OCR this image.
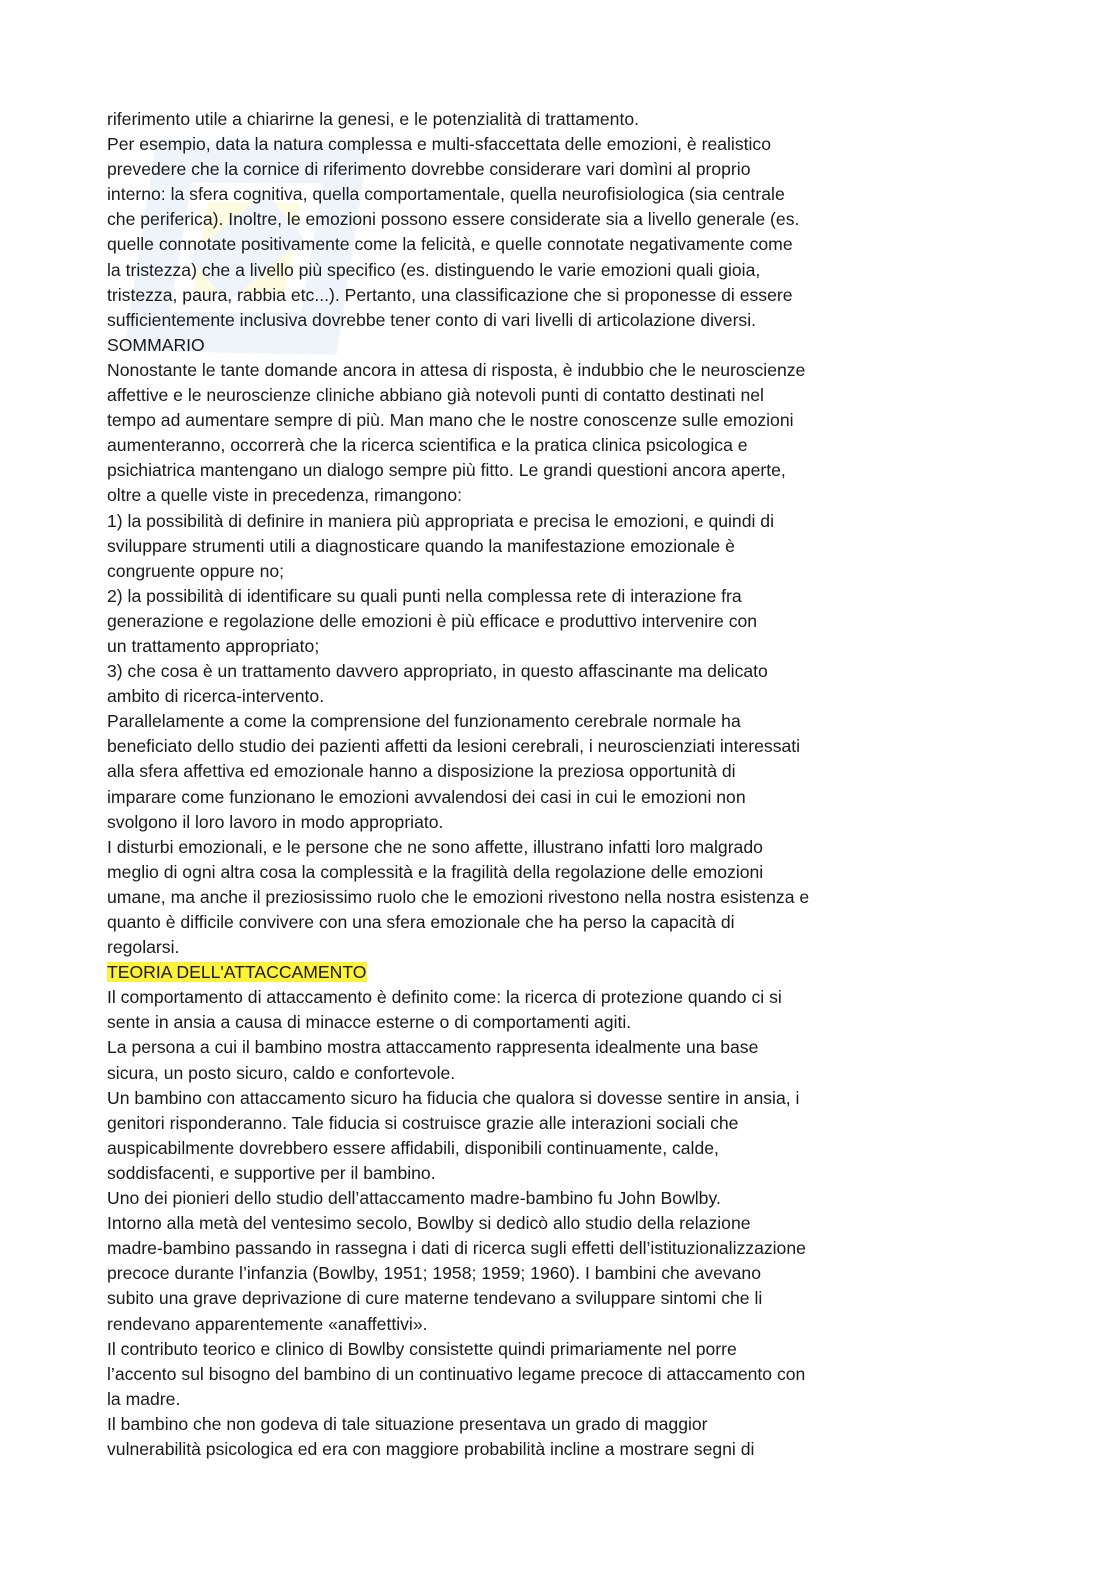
riferimento utile a chiarirne la genesi, e le potenzialità di trattamento.
Per esempio, data la natura complessa e multi-sfaccettata delle emozioni, è realistico
prevedere che la cornice di riferimento dovrebbe considerare vari domìni al proprio
interno: la sfera cognitiva, quella comportamentale, quella neurofisiologica (sia centrale
che periferica). Inoltre, le emozioni possono essere considerate sia a livello generale (es.
quelle connotate positivamente come la felicità, e quelle connotate negativamente come
la tristezza) che a livello più specifico (es. distinguendo le varie emozioni quali gioia,
tristezza, paura, rabbia etc...). Pertanto, una classificazione che si proponesse di essere
sufficientemente inclusiva dovrebbe tener conto di vari livelli di articolazione diversi.
SOMMARIO
Nonostante le tante domande ancora in attesa di risposta, è indubbio che le neuroscienze
affettive e le neuroscienze cliniche abbiano già notevoli punti di contatto destinati nel
tempo ad aumentare sempre di più. Man mano che le nostre conoscenze sulle emozioni
aumenteranno, occorrerà che la ricerca scientifica e la pratica clinica psicologica e
psichiatrica mantengano un dialogo sempre più fitto. Le grandi questioni ancora aperte,
oltre a quelle viste in precedenza, rimangono:
1) la possibilità di definire in maniera più appropriata e precisa le emozioni, e quindi di
sviluppare strumenti utili a diagnosticare quando la manifestazione emozionale è
congruente oppure no;
2) la possibilità di identificare su quali punti nella complessa rete di interazione fra
generazione e regolazione delle emozioni è più efficace e produttivo intervenire con
un trattamento appropriato;
3) che cosa è un trattamento davvero appropriato, in questo affascinante ma delicato
ambito di ricerca-intervento.
Parallelamente a come la comprensione del funzionamento cerebrale normale ha
beneficiato dello studio dei pazienti affetti da lesioni cerebrali, i neuroscienziati interessati
alla sfera affettiva ed emozionale hanno a disposizione la preziosa opportunità di
imparare come funzionano le emozioni avvalendosi dei casi in cui le emozioni non
svolgono il loro lavoro in modo appropriato.
I disturbi emozionali, e le persone che ne sono affette, illustrano infatti loro malgrado
meglio di ogni altra cosa la complessità e la fragilità della regolazione delle emozioni
umane, ma anche il preziosissimo ruolo che le emozioni rivestono nella nostra esistenza e
quanto è difficile convivere con una sfera emozionale che ha perso la capacità di
regolarsi.
TEORIA DELL'ATTACCAMENTO
Il comportamento di attaccamento è definito come: la ricerca di protezione quando ci si
sente in ansia a causa di minacce esterne o di comportamenti agiti.
La persona a cui il bambino mostra attaccamento rappresenta idealmente una base
sicura, un posto sicuro, caldo e confortevole.
Un bambino con attaccamento sicuro ha fiducia che qualora si dovesse sentire in ansia, i
genitori risponderanno. Tale fiducia si costruisce grazie alle interazioni sociali che
auspicabilmente dovrebbero essere affidabili, disponibili continuamente, calde,
soddisfacenti, e supportive per il bambino.
Uno dei pionieri dello studio dell’attaccamento madre-bambino fu John Bowlby.
Intorno alla metà del ventesimo secolo, Bowlby si dedicò allo studio della relazione
madre-bambino passando in rassegna i dati di ricerca sugli effetti dell’istituzionalizzazione
precoce durante l’infanzia (Bowlby, 1951; 1958; 1959; 1960). I bambini che avevano
subito una grave deprivazione di cure materne tendevano a sviluppare sintomi che li
rendevano apparentemente «anaffettivi».
Il contributo teorico e clinico di Bowlby consistette quindi primariamente nel porre
l’accento sul bisogno del bambino di un continuativo legame precoce di attaccamento con
la madre.
Il bambino che non godeva di tale situazione presentava un grado di maggior
vulnerabilità psicologica ed era con maggiore probabilità incline a mostrare segni di
